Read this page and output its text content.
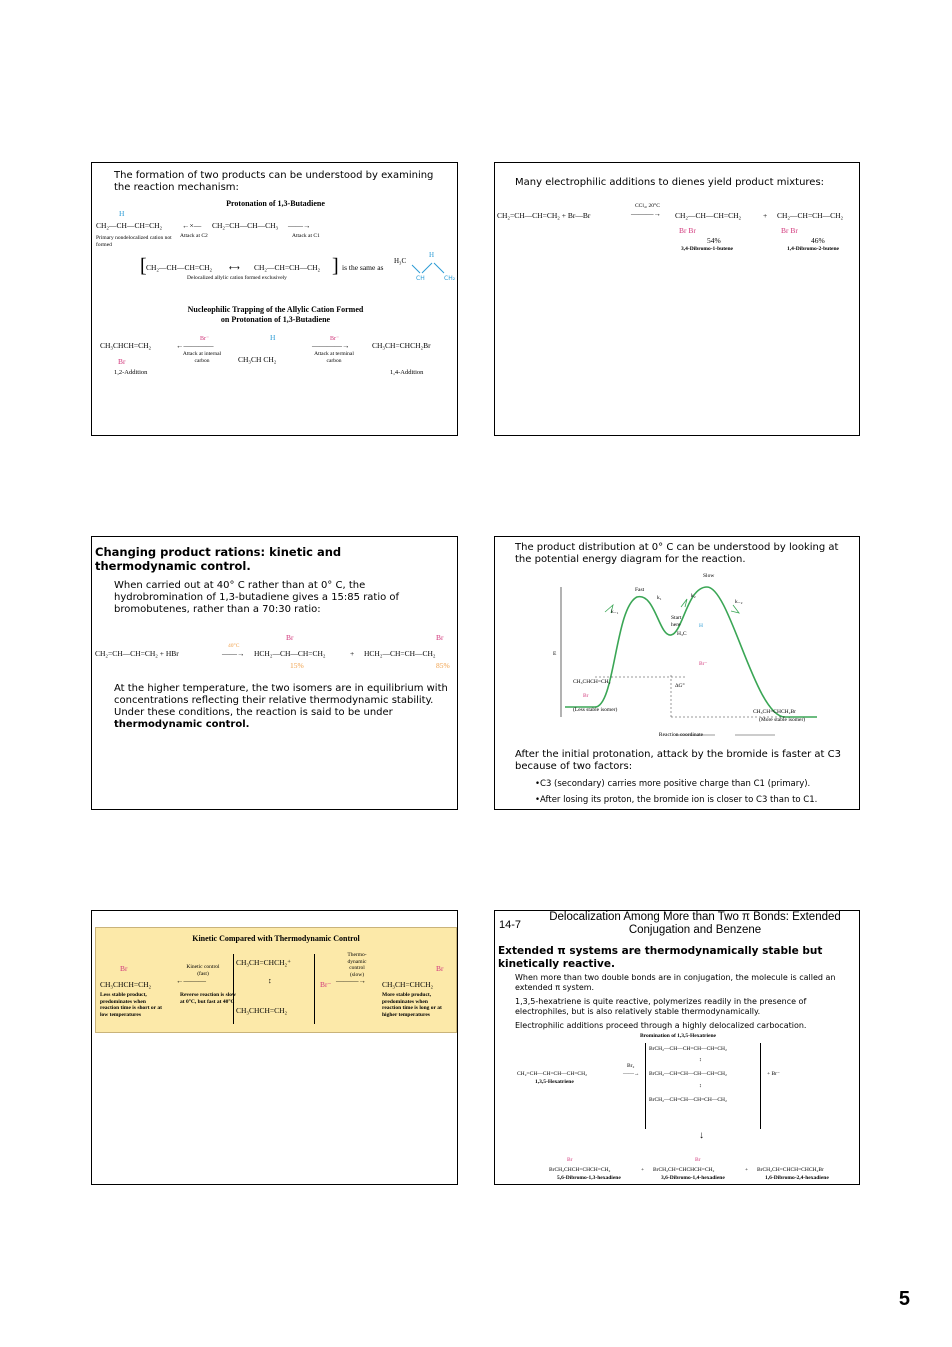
The formation of two products can be understood by examining the reaction mechanism:
Protonation of 1,3-Butadiene
H
CH₂—CH—CH=CH₂
Primary nondelocalized cation not formed
←×—
Attack at C2
CH₂=CH—CH—CH₃ ——→
Attack at C1
[ CH₂—CH—CH=CH₂
Delocalized allylic cation formed exclusively
⟷ CH₂—CH=CH—CH₂ ] is the same as
H₃C
H
CH	CH₂
Nucleophilic Trapping of the Allylic Cation Formed
on Protonation of 1,3-Butadiene
CH₃CHCH=CH₂
Br
1,2-Addition
Br⁻
←————
Attack at internal carbon
H
CH₃CH CH₂
Br⁻
————→
Attack at terminal carbon
CH₃CH=CHCH₂Br
1,4-Addition
Many electrophilic additions to dienes yield product mixtures:
CH₂=CH—CH=CH₂ + Br—Br
CCl₄, 20°C
———→ CH₂—CH—CH=CH₂
Br Br
54%
3,4-Dibromo-1-butene
+ CH₂—CH=CH—CH₂
Br Br
46%
1,4-Dibromo-2-butene
Changing product rations: kinetic and thermodynamic control.
When carried out at 40° C rather than at 0° C, the hydrobromination of 1,3-butadiene gives a 15:85 ratio of bromobutenes, rather than a 70:30 ratio:
Br	Br
CH₂=CH—CH=CH₂ + HBr
40°C
——→ HCH₂—CH—CH=CH₂
15%
+ HCH₂—CH=CH—CH₂
85%
At the higher temperature, the two isomers are in equilibrium with concentrations reflecting their relative thermodynamic stability. Under these conditions, the reaction is said to be under thermodynamic control.
The product distribution at 0° C can be understood by looking at the potential energy diagram for the reaction.
E
Fast
Slow
k₁
k₋₁
k₂
k₋₂
Start here	H
H₃C
Br⁻
ΔG°
CH₃CHCH=CH₂
Br
(Less stable isomer)	CH₃CH=CHCH₂Br
(More stable isomer)
Reaction coordinate
After the initial protonation, attack by the bromide is faster at C3 because of two factors:
•C3 (secondary) carries more positive charge than C1 (primary).
•After losing its proton, the bromide ion is closer to C3 than to C1.
Kinetic Compared with Thermodynamic Control
Br
CH₃CHCH=CH₂
Less stable product, predominates when reaction time is short or at low temperatures
Kinetic control (fast)
←———
Reverse reaction is slow at 0°C, but fast at 40°C
CH₃CH=CHCH₂⁺
↕
CH₃CHCH=CH₂
Br⁻
Thermo-dynamic control (slow)
———→
Br
CH₃CH=CHCH₂
More stable product, predominates when reaction time is long or at higher temperatures
14-7
Delocalization Among More than Two π Bonds: Extended Conjugation and Benzene
Extended π systems are thermodynamically stable but kinetically reactive.
When more than two double bonds are in conjugation, the molecule is called an extended π system.
1,3,5-hexatriene is quite reactive, polymerizes readily in the presence of electrophiles, but is also relatively stable thermodynamically.
Electrophilic additions proceed through a highly delocalized carbocation.
Bromination of 1,3,5-Hexatriene
BrCH₂—CH—CH=CH—CH=CH₂
↕
BrCH₂—CH=CH—CH—CH=CH₂
↕
BrCH₂—CH=CH—CH=CH—CH₂
CH₂=CH—CH=CH—CH=CH₂
1,3,5-Hexatriene
Br₂
——→	+ Br⁻
↓
Br
BrCH₂CHCH=CHCH=CH₂
5,6-Dibromo-1,3-hexadiene
+
Br
BrCH₂CH=CHCHCH=CH₂
3,6-Dibromo-1,4-hexadiene
+ BrCH₂CH=CHCH=CHCH₂Br
1,6-Dibromo-2,4-hexadiene
5
